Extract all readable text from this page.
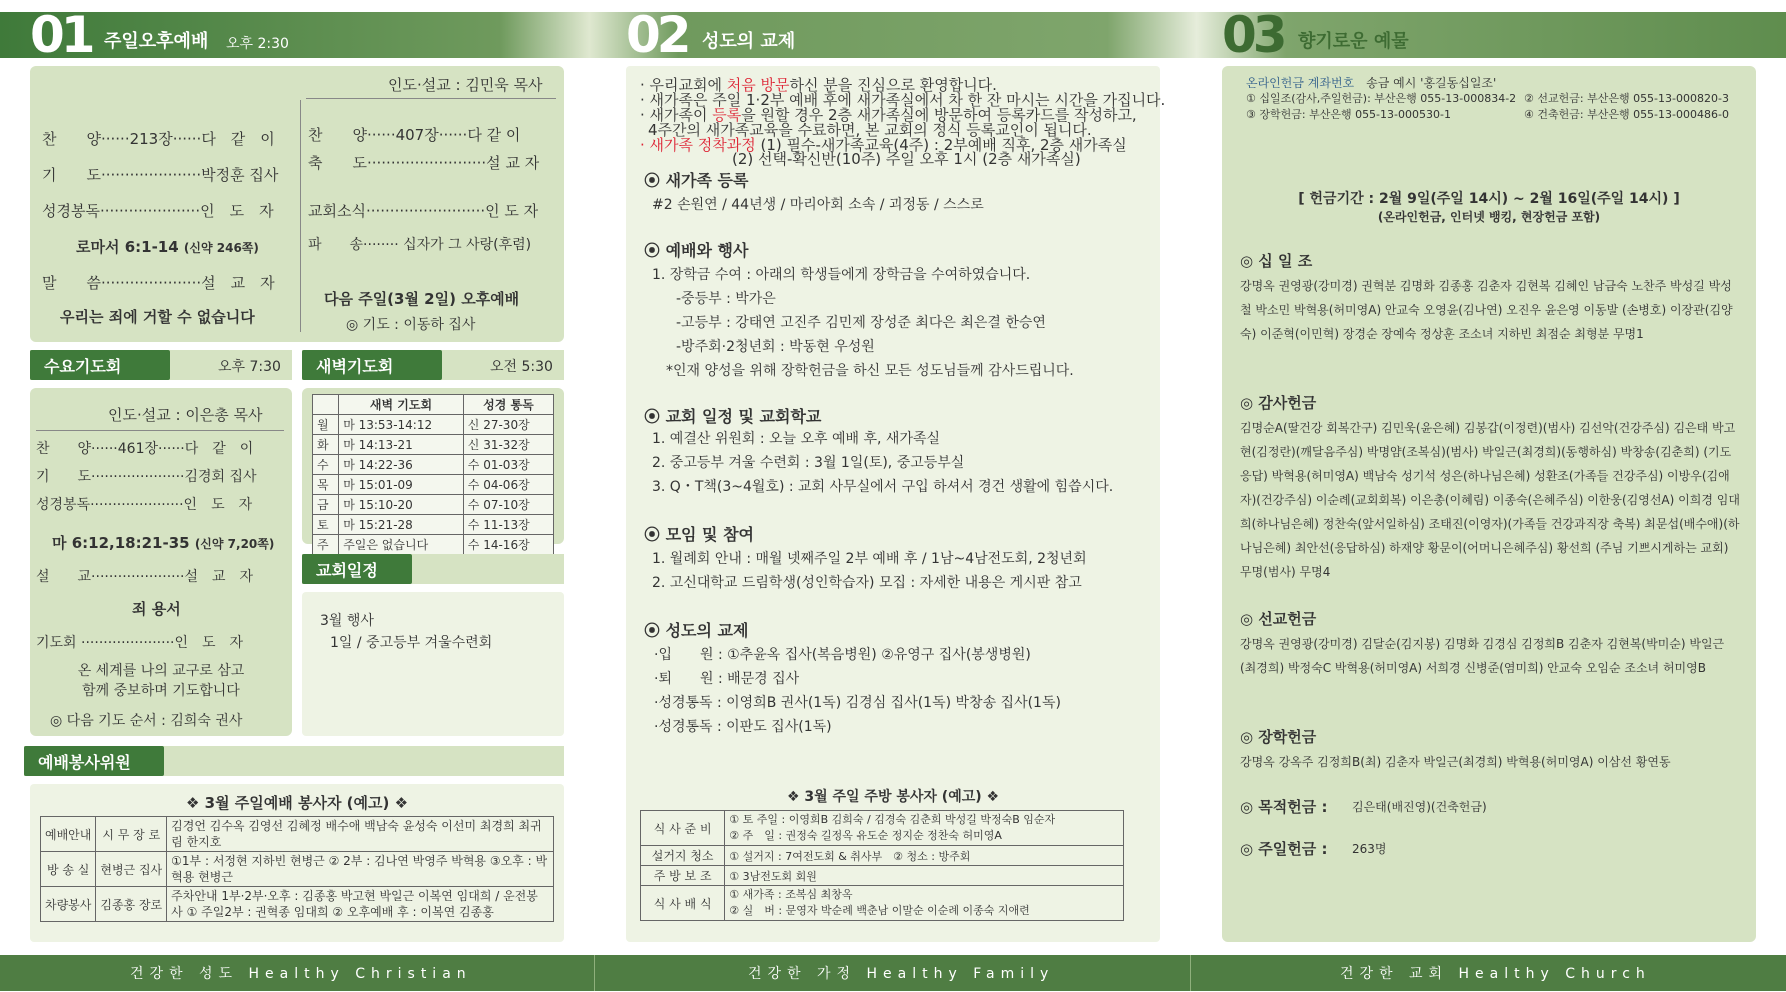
01 주일오후예배 오후 2:30	02 성도의 교제	03 향기로운 예물
인도·설교 : 김민욱 목사
찬　　양······213장······다　같　이
기　　도·····················박정훈 집사
성경봉독·····················인　도　자
로마서 6:1-14 (신약 246쪽)
말　　씀·····················설　교　자
우리는 죄에 거할 수 없습니다
찬　　양······407장······다 같 이
축　　도·························설 교 자
교회소식·························인 도 자
파　　송········ 십자가 그 사랑(후렴)
다음 주일(3월 2일) 오후예배
◎ 기도 : 이동하 집사
수요기도회	오후 7:30
인도·설교 : 이은총 목사
찬　　양······461장······다　같　이
기　　도·····················김경회 집사
성경봉독·····················인　도　자
마 6:12,18:21-35 (신약 7,20쪽)
설　　교·····················설　교　자
죄 용서
기도회 ·····················인　도　자
온 세계를 나의 교구로 삼고
함께 중보하며 기도합니다
◎ 다음 기도 순서 : 김희숙 권사
새벽기도회	오전 5:30
	새벽 기도회	성경 통독
월	마 13:53-14:12	신 27-30장
화	마 14:13-21	신 31-32장
수	마 14:22-36	수 01-03장
목	마 15:01-09	수 04-06장
금	마 15:10-20	수 07-10장
토	마 15:21-28	수 11-13장
주	주일은 없습니다	수 14-16장
교회일정
3월 행사
1일 / 중고등부 겨울수련회
예배봉사위원
❖ 3월 주일예배 봉사자 (예고) ❖
예배안내	시 무 장 로	김경언 김수옥 김영선 김혜정 배수애 백남숙 윤성숙 이선미 최경희 최귀림 한지호
방 송 실	현병근 집사	①1부 : 서정현 지하빈 현병근 ② 2부 : 김나연 박영주 박혁용 ③오후 : 박혁용 현병근
차량봉사	김종홍 장로	주차안내 1부·2부·오후 : 김종홍 박고현 박일근 이복연 임대희 / 운전봉사 ① 주일2부 : 권혁종 임대희 ② 오후예배 후 : 이복연 김종홍
· 우리교회에 처음 방문하신 분을 진심으로 환영합니다.
· 새가족은 주일 1·2부 예배 후에 새가족실에서 차 한 잔 마시는 시간을 가집니다.
· 새가족이 등록을 원할 경우 2층 새가족실에 방문하여 등록카드를 작성하고,
4주간의 새가족교육을 수료하면, 본 교회의 정식 등록교인이 됩니다.
· 새가족 정착과정 (1) 필수-새가족교육(4주) : 2부예배 직후, 2층 새가족실
(2) 선택-확신반(10주) 주일 오후 1시 (2층 새가족실)
⦿ 새가족 등록
#2 손원연 / 44년생 / 마리아회 소속 / 괴정동 / 스스로
⦿ 예배와 행사
1. 장학금 수여 : 아래의 학생들에게 장학금을 수여하였습니다.
-중등부 : 박가은
-고등부 : 강태연 고진주 김민제 장성준 최다은 최은결 한승연
-방주회·2청년회 : 박동현 우성원
*인재 양성을 위해 장학헌금을 하신 모든 성도님들께 감사드립니다.
⦿ 교회 일정 및 교회학교
1. 예결산 위원회 : 오늘 오후 예배 후, 새가족실
2. 중고등부 겨울 수련회 : 3월 1일(토), 중고등부실
3. Q・T책(3~4월호) : 교회 사무실에서 구입 하셔서 경건 생활에 힘씁시다.
⦿ 모임 및 참여
1. 월례회 안내 : 매월 넷째주일 2부 예배 후 / 1남~4남전도회, 2청년회
2. 고신대학교 드림학생(성인학습자) 모집 : 자세한 내용은 게시판 참고
⦿ 성도의 교제
·입　　원 : ①추윤옥 집사(복음병원) ②유영구 집사(봉생병원)
·퇴　　원 : 배문경 집사
·성경통독 : 이영희B 권사(1독) 김경심 집사(1독) 박창송 집사(1독)
·성경통독 : 이판도 집사(1독)
❖ 3월 주일 주방 봉사자 (예고) ❖
식 사 준 비	① 토 주일 : 이영희B 김희숙 / 김경숙 김춘희 박성길 박정숙B 임순자
② 주　일 : 권정숙 길정옥 유도순 정지순 정찬숙 허미영A

설거지 청소	① 설거지 : 7여전도회 & 취사부　② 청소 : 방주회
주 방 보 조	① 3남전도회 회원
식 사 배 식	① 새가족 : 조복심 최창옥
② 실　버 : 문영자 박순례 백춘남 이말순 이순례 이종숙 지애련
온라인헌금 계좌번호　 송금 예시 '홍길동십일조'
① 십일조(감사,주일헌금): 부산은행 055-13-000834-2 ② 선교헌금: 부산은행 055-13-000820-3
③ 장학헌금: 부산은행 055-13-000530-1	④ 건축헌금: 부산은행 055-13-000486-0
[ 헌금기간 : 2월 9일(주일 14시) ~ 2월 16일(주일 14시) ]
(온라인헌금, 인터넷 뱅킹, 현장헌금 포함)
◎ 십 일 조
강명옥 권영광(강미경) 권혁분 김명화 김종홍 김춘자 김현복 김혜인 남금숙 노찬주 박성길 박성철 박소민 박혁용(허미영A) 안교숙 오영윤(김나연) 오진우 윤은영 이동발 (손병호) 이장관(김양숙) 이준혁(이민혁) 장경순 장예숙 정상훈 조소녀 지하빈 최점순 최형분 무명1
◎ 감사헌금
김명순A(딸건강 회복간구) 김민욱(윤은혜) 김봉갑(이정련)(범사) 김선악(건강주심) 김은태 박고현(김정란)(깨달음주심) 박명얌(조복심)(범사) 박일근(최경희)(동행하심) 박창송(김춘희) (기도응답) 박혁용(허미영A) 백남숙 성기석 성은(하나님은혜) 성환조(가족들 건강주심) 이방우(김애자)(건강주심) 이순례(교회회복) 이은총(이혜림) 이종숙(은혜주심) 이한웅(김영선A) 이희경 임대희(하나님은혜) 정찬숙(앞서일하심) 조태진(이영자)(가족들 건강과직장 축복) 최문섭(배수애)(하나님은혜) 최안선(응답하심) 하재양 황문이(어머니은혜주심) 황선희 (주님 기쁘시게하는 교회) 무명(범사) 무명4
◎ 선교헌금
강명옥 권영광(강미경) 김달순(김지봉) 김명화 김경심 김정희B 김춘자 김현복(박미순) 박일근(최경희) 박정숙C 박혁용(허미영A) 서희경 신병준(염미희) 안교숙 오임순 조소녀 허미영B
◎ 장학헌금
강명옥 강옥주 김정희B(최) 김춘자 박일근(최경희) 박혁용(허미영A) 이삼선 황연동
◎ 목적헌금 : 김은태(배진영)(건축헌금)
◎ 주일헌금 : 263명
건강한 성도 Healthy Christian	건강한 가정 Healthy Family	건강한 교회 Healthy Church
